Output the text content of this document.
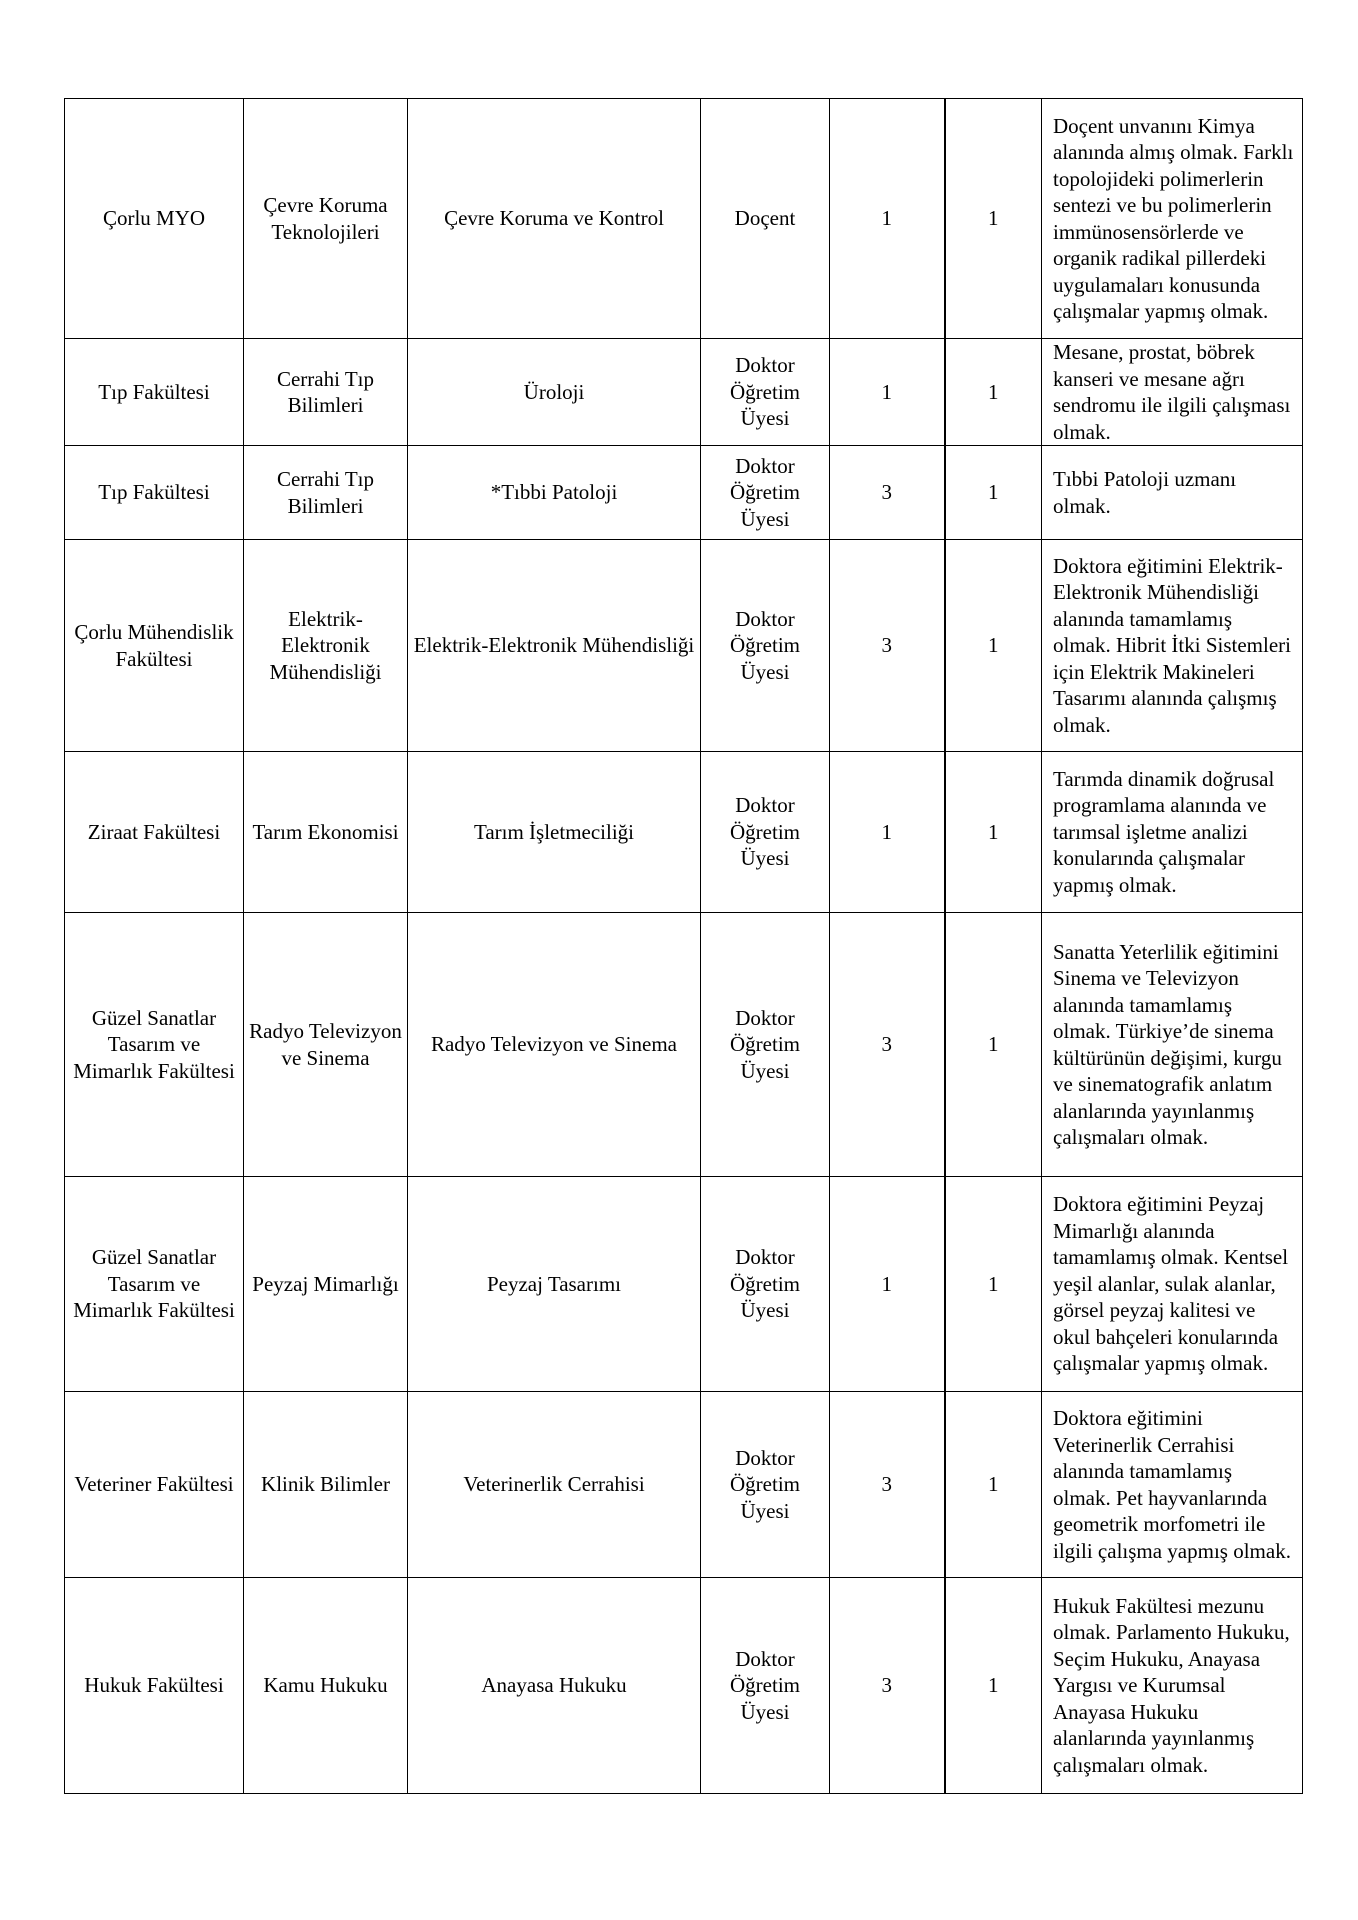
Çorlu MYO	Çevre Koruma Teknolojileri	Çevre Koruma ve Kontrol	Doçent	1	1	Doçent unvanını Kimya alanında almış olmak. Farklı topolojideki polimerlerin sentezi ve bu polimerlerin immünosensörlerde ve organik radikal pillerdeki uygulamaları konusunda çalışmalar yapmış olmak.

Tıp Fakültesi	Cerrahi Tıp Bilimleri	Üroloji	Doktor Öğretim Üyesi	1	1	Mesane, prostat, böbrek kanseri ve mesane ağrı sendromu ile ilgili çalışması olmak.

Tıp Fakültesi	Cerrahi Tıp Bilimleri	*Tıbbi Patoloji	Doktor Öğretim Üyesi	3	1	Tıbbi Patoloji uzmanı olmak.

Çorlu Mühendislik Fakültesi	Elektrik-Elektronik Mühendisliği	Elektrik-Elektronik Mühendisliği	Doktor Öğretim Üyesi	3	1	Doktora eğitimini Elektrik-Elektronik Mühendisliği alanında tamamlamış olmak. Hibrit İtki Sistemleri için Elektrik Makineleri Tasarımı alanında çalışmış olmak.

Ziraat Fakültesi	Tarım Ekonomisi	Tarım İşletmeciliği	Doktor Öğretim Üyesi	1	1	Tarımda dinamik doğrusal programlama alanında ve tarımsal işletme analizi konularında çalışmalar yapmış olmak.

Güzel Sanatlar Tasarım ve Mimarlık Fakültesi	Radyo Televizyon ve Sinema	Radyo Televizyon ve Sinema	Doktor Öğretim Üyesi	3	1	Sanatta Yeterlilik eğitimini Sinema ve Televizyon alanında tamamlamış olmak. Türkiye’de sinema kültürünün değişimi, kurgu ve sinematografik anlatım alanlarında yayınlanmış çalışmaları olmak.

Güzel Sanatlar Tasarım ve Mimarlık Fakültesi	Peyzaj Mimarlığı	Peyzaj Tasarımı	Doktor Öğretim Üyesi	1	1	Doktora eğitimini Peyzaj Mimarlığı alanında tamamlamış olmak. Kentsel yeşil alanlar, sulak alanlar, görsel peyzaj kalitesi ve okul bahçeleri konularında çalışmalar yapmış olmak.

Veteriner Fakültesi	Klinik Bilimler	Veterinerlik Cerrahisi	Doktor Öğretim Üyesi	3	1	Doktora eğitimini Veterinerlik Cerrahisi alanında tamamlamış olmak. Pet hayvanlarında geometrik morfometri ile ilgili çalışma yapmış olmak.

Hukuk Fakültesi	Kamu Hukuku	Anayasa Hukuku	Doktor Öğretim Üyesi	3	1	Hukuk Fakültesi mezunu olmak. Parlamento Hukuku, Seçim Hukuku, Anayasa Yargısı ve Kurumsal Anayasa Hukuku alanlarında yayınlanmış çalışmaları olmak.
